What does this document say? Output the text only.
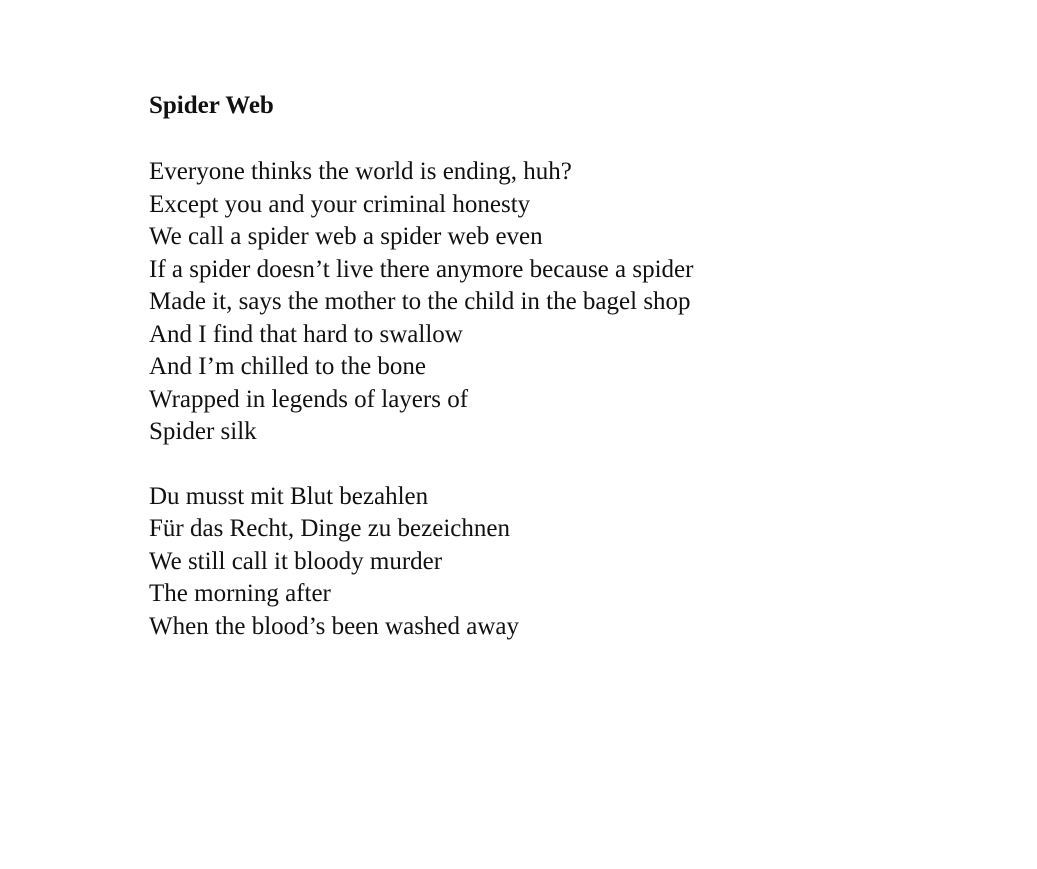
Spider Web
Everyone thinks the world is ending, huh?
Except you and your criminal honesty
We call a spider web a spider web even
If a spider doesn’t live there anymore because a spider
Made it, says the mother to the child in the bagel shop
And I find that hard to swallow
And I’m chilled to the bone
Wrapped in legends of layers of
Spider silk
Du musst mit Blut bezahlen
Für das Recht, Dinge zu bezeichnen
We still call it bloody murder
The morning after
When the blood’s been washed away
